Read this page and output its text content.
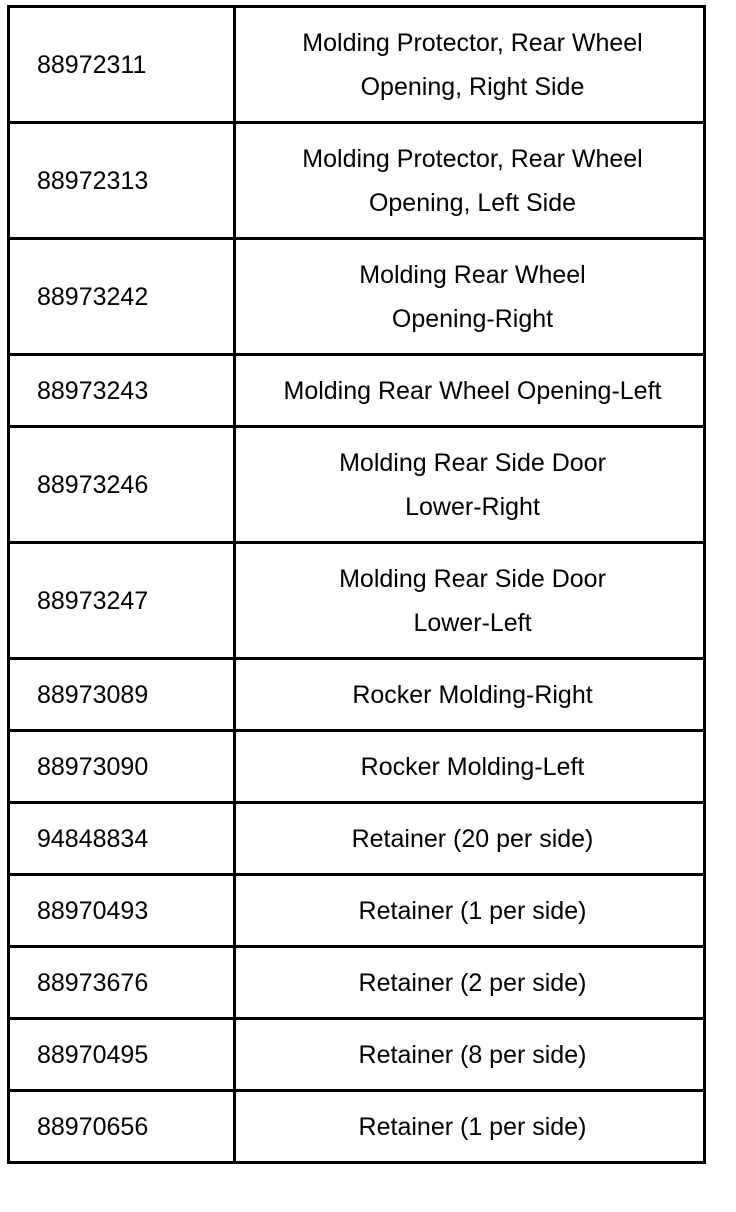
88972311	Molding Protector, Rear Wheel
Opening, Right Side

88972313	Molding Protector, Rear Wheel
Opening, Left Side

88973242	Molding Rear Wheel
Opening-Right

88973243	Molding Rear Wheel Opening-Left

88973246	Molding Rear Side Door
Lower-Right

88973247	Molding Rear Side Door
Lower-Left

88973089	Rocker Molding-Right

88973090	Rocker Molding-Left

94848834	Retainer (20 per side)

88970493	Retainer (1 per side)

88973676	Retainer (2 per side)

88970495	Retainer (8 per side)

88970656	Retainer (1 per side)
